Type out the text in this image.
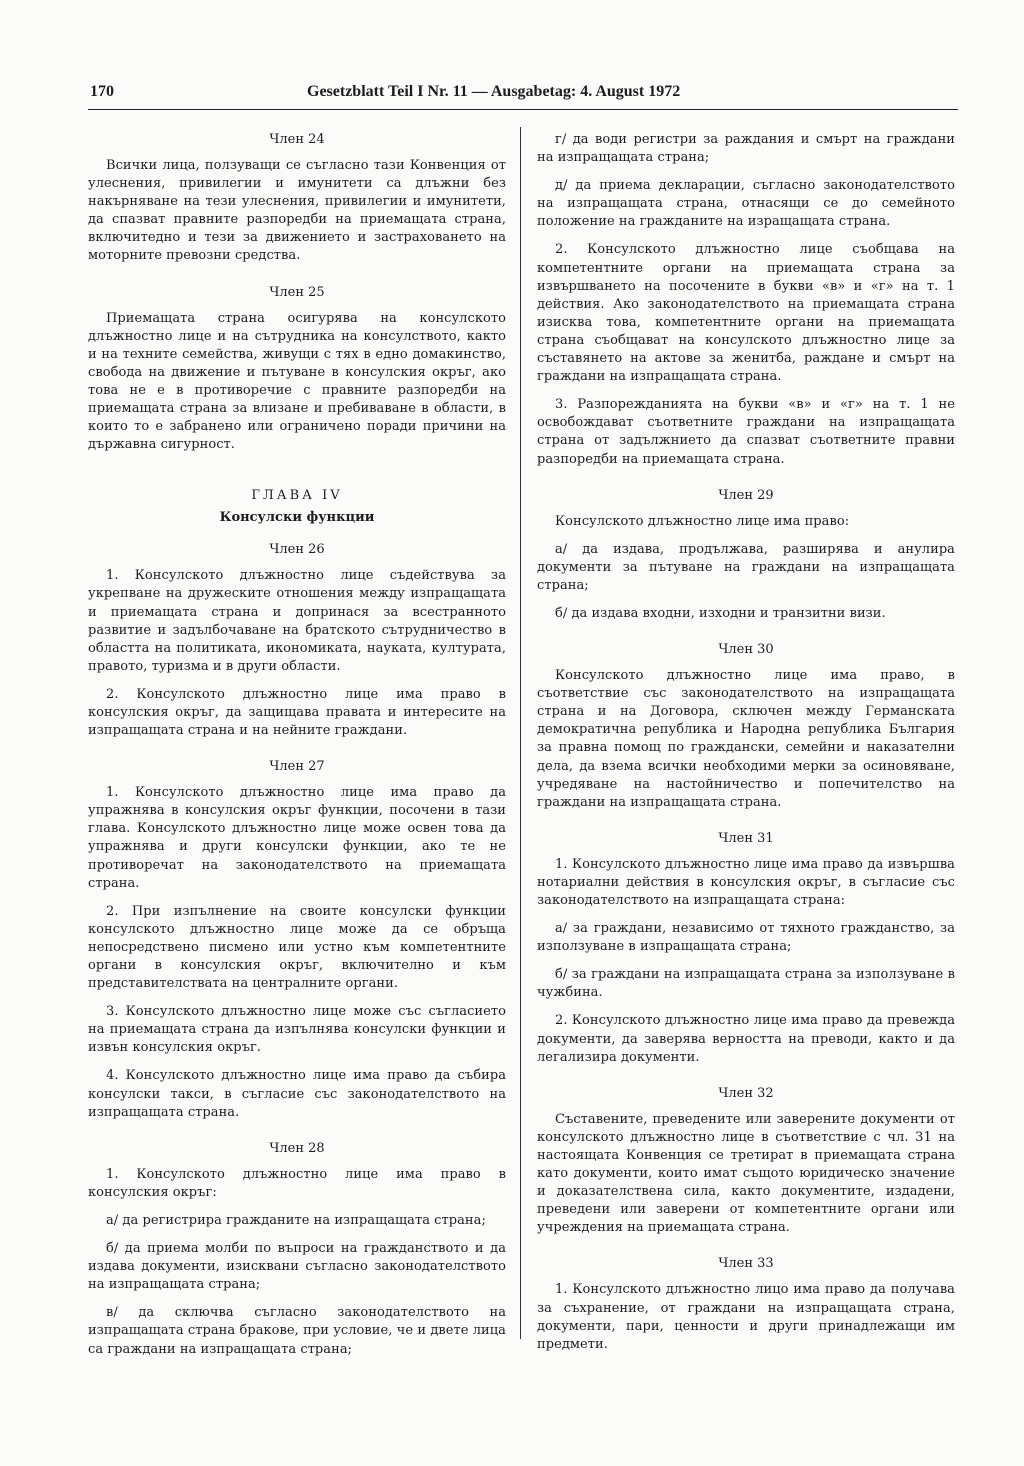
170	Gesetzblatt Teil I Nr. 11 — Ausgabetag: 4. August 1972
Член 24

Всички лица, ползуващи се съгласно тази Конвенция от улеснения, привилегии и имунитети са длъжни без накърняване на тези улеснения, привилегии и имунитети, да спазват правните разпоредби на приемащата страна, включитедно и тези за движението и застраховането на моторните превозни средства.

Член 25

Приемащата страна осигурява на консулското длъжностно лице и на сътрудника на консулството, както и на техните семейства, живущи с тях в едно домакинство, свобода на движение и пътуване в консулския окръг, ако това не е в противоречие с правните разпоредби на приемащата страна за влизане и пребиваване в области, в които то е забранено или ограничено поради причини на държавна сигурност.

ГЛАВА IV
Консулски функции
Член 26

1. Консулското длъжностно лице съдействува за укрепване на дружеските отношения между изпращащата и приемащата страна и допринася за всестранното развитие и задълбочаване на братското сътрудничество в областта на политиката, икономиката, науката, културата, правото, туризма и в други области.

2. Консулското длъжностно лице има право в консулския окръг, да защищава правата и интересите на изпращащата страна и на нейните граждани.

Член 27

1. Консулското длъжностно лице има право да упражнява в консулския окръг функции, посочени в тази глава. Консулското длъжностно лице може освен това да упражнява и други консулски функции, ако те не противоречат на законодателството на приемащата страна.

2. При изпълнение на своите консулски функции консулското длъжностно лице може да се обръща непосредствено писмено или устно към компетентните органи в консулския окръг, включително и към представителствата на централните органи.

3. Консулското длъжностно лице може със съгласието на приемащата страна да изпълнява консулски функции и извън консулския окръг.

4. Консулското длъжностно лице има право да събира консулски такси, в съгласие със законодателството на изпращащата страна.

Член 28

1. Консулското длъжностно лице има право в консулския окръг:

а/ да регистрира гражданите на изпращащата страна;

б/ да приема молби по въпроси на гражданството и да издава документи, изисквани съгласно законодателството на изпращащата страна;

в/ да сключва съгласно законодателството на изпращащата страна бракове, при условие, че и двете лица са граждани на изпращащата страна;

г/ да води регистри за раждания и смърт на граждани на изпращащата страна;

д/ да приема декларации, съгласно законодателството на изпращащата страна, отнасящи се до семейното положение на гражданите на изращащата страна.

2. Консулското длъжностно лице съобщава на компетентните органи на приемащата страна за извършването на посочените в букви «в» и «г» на т. 1 действия. Ако законодателството на приемащата страна изисква това, компетентните органи на приемащата страна съобщават на консулското длъжностно лице за съставянето на актове за женитба, раждане и смърт на граждани на изпращащата страна.

3. Разпорежданията на букви «в» и «г» на т. 1 не освобождават съответните граждани на изпращащата страна от задължнието да спазват съответните правни разпоредби на приемащата страна.

Член 29

Консулското длъжностно лице има право:

а/ да издава, продължава, разширява и анулира документи за пътуване на граждани на изпращащата страна;

б/ да издава входни, изходни и транзитни визи.

Член 30

Консулското длъжностно лице има право, в съответствие със законодателството на изпращащата страна и на Договора, сключен между Германската демократична република и Народна република България за правна помощ по граждански, семейни и наказателни дела, да взема всички необходими мерки за осиновяване, учредяване на настойничество и попечителство на граждани на изпращащата страна.

Член 31

1. Консулското длъжностно лице има право да извършва нотариални действия в консулския окръг, в съгласие със законодателството на изпращащата страна:

а/ за граждани, независимо от тяхното гражданство, за използуване в изпращащата страна;

б/ за граждани на изпращащата страна за използуване в чужбина.

2. Консулското длъжностно лице има право да превежда документи, да заверява верността на преводи, както и да легализира документи.

Член 32

Съставените, преведените или заверените документи от консулското длъжностно лице в съответствие с чл. 31 на настоящата Конвенция се третират в приемащата страна като документи, които имат същото юридическо значение и доказателствена сила, както документите, издадени, преведени или заверени от компетентните органи или учреждения на приемащата страна.

Член 33

1. Консулското длъжностно лицо има право да получава за съхранение, от граждани на изпращащата страна, документи, пари, ценности и други принадлежащи им предмети.
